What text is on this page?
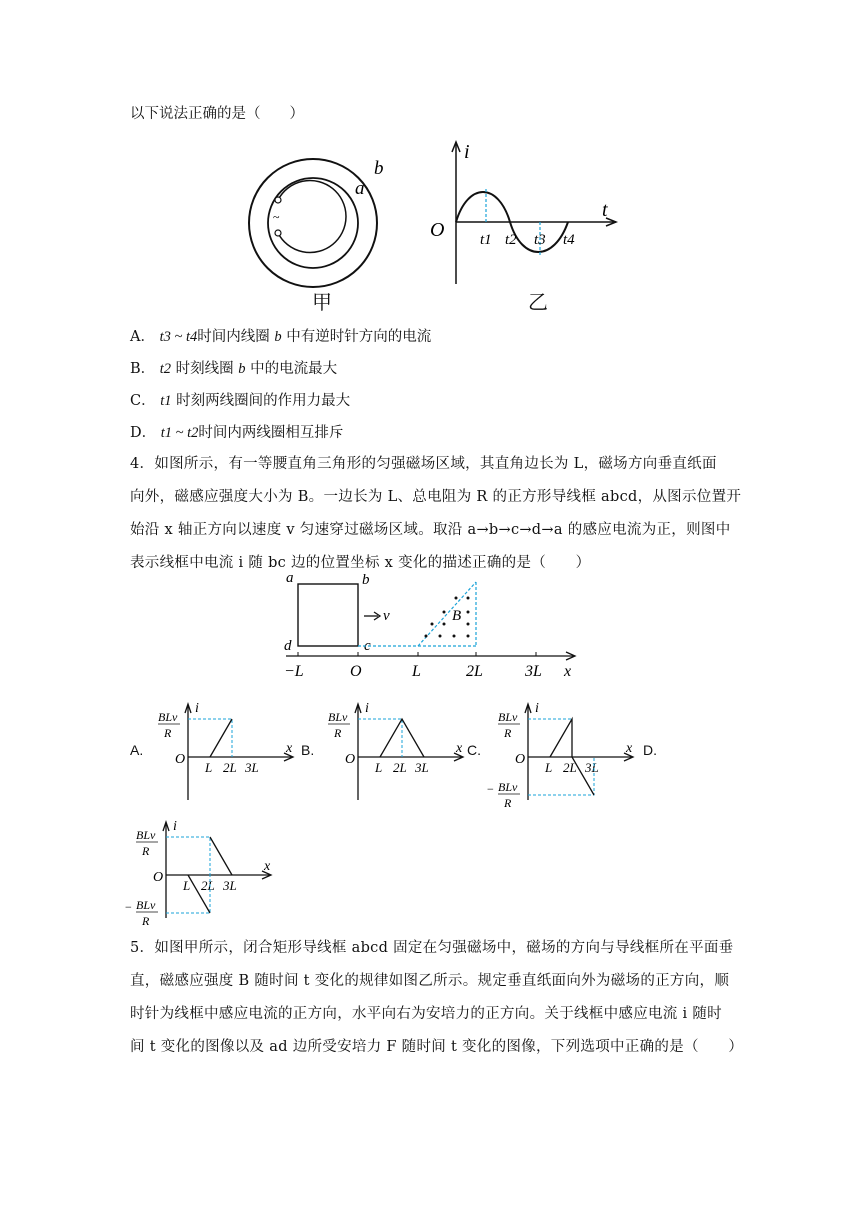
以下说法正确的是（　　）
~
a
b
甲
i
t
O t1 t2 t3 t4
乙
A． t3 ~ t4时间内线圈 b 中有逆时针方向的电流
B． t2 时刻线圈 b 中的电流最大
C． t1 时刻两线圈间的作用力最大
D． t1 ~ t2时间内两线圈相互排斥
4．如图所示，有一等腰直角三角形的匀强磁场区域，其直角边长为 L，磁场方向垂直纸面
向外，磁感应强度大小为 B。一边长为 L、总电阻为 R 的正方形导线框 abcd，从图示位置开
始沿 x 轴正方向以速度 v 匀速穿过磁场区域。取沿 a→b→c→d→a 的感应电流为正，则图中
表示线框中电流 i 随 bc 边的位置坐标 x 变化的描述正确的是（　　）
a	b
d	c
v	B
−L	O	L	2L	3L x
A.	B.	C.	D.
i
x
O
BLv
R
L 2L 3L
i
x
O
BLv
R
L 2L 3L
i
x
O
BLv
R
− BLv
R
L 2L 3L
i
x
O
BLv
R
− BLv
R
L 2L 3L
5．如图甲所示，闭合矩形导线框 abcd 固定在匀强磁场中，磁场的方向与导线框所在平面垂
直，磁感应强度 B 随时间 t 变化的规律如图乙所示。规定垂直纸面向外为磁场的正方向，顺
时针为线框中感应电流的正方向，水平向右为安培力的正方向。关于线框中感应电流 i 随时
间 t 变化的图像以及 ad 边所受安培力 F 随时间 t 变化的图像，下列选项中正确的是（　　）
